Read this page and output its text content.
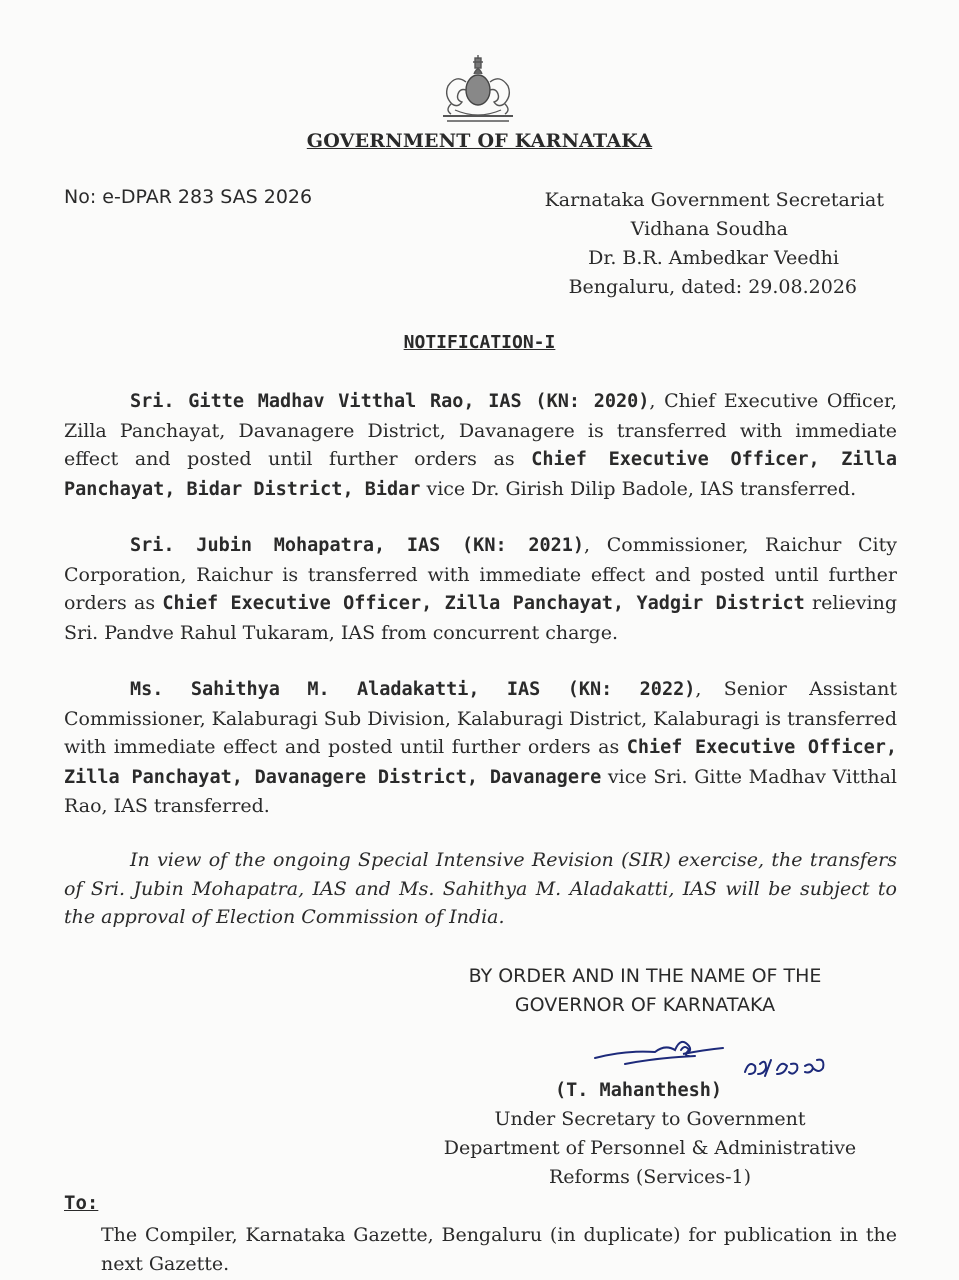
GOVERNMENT OF KARNATAKA
No: e-DPAR 283 SAS 2026	Karnataka Government Secretariat
Vidhana Soudha
Dr. B.R. Ambedkar Veedhi
Bengaluru, dated: 29.08.2026
NOTIFICATION-I

Sri. Gitte Madhav Vitthal Rao, IAS (KN: 2020), Chief Executive Officer, Zilla Panchayat, Davanagere District, Davanagere is transferred with immediate effect and posted until further orders as Chief Executive Officer, Zilla Panchayat, Bidar District, Bidar vice Dr. Girish Dilip Badole, IAS transferred.

Sri. Jubin Mohapatra, IAS (KN: 2021), Commissioner, Raichur City Corporation, Raichur is transferred with immediate effect and posted until further orders as Chief Executive Officer, Zilla Panchayat, Yadgir District relieving Sri. Pandve Rahul Tukaram, IAS from concurrent charge.

Ms. Sahithya M. Aladakatti, IAS (KN: 2022), Senior Assistant Commissioner, Kalaburagi Sub Division, Kalaburagi District, Kalaburagi is transferred with immediate effect and posted until further orders as Chief Executive Officer, Zilla Panchayat, Davanagere District, Davanagere vice Sri. Gitte Madhav Vitthal Rao, IAS transferred.

In view of the ongoing Special Intensive Revision (SIR) exercise, the transfers of Sri. Jubin Mohapatra, IAS and Ms. Sahithya M. Aladakatti, IAS will be subject to the approval of Election Commission of India.

BY ORDER AND IN THE NAME OF THE
GOVERNOR OF KARNATAKA
(T. Mahanthesh)
Under Secretary to Government
Department of Personnel & Administrative
Reforms (Services-1)
To:
The Compiler, Karnataka Gazette, Bengaluru (in duplicate) for publication in the next Gazette.
